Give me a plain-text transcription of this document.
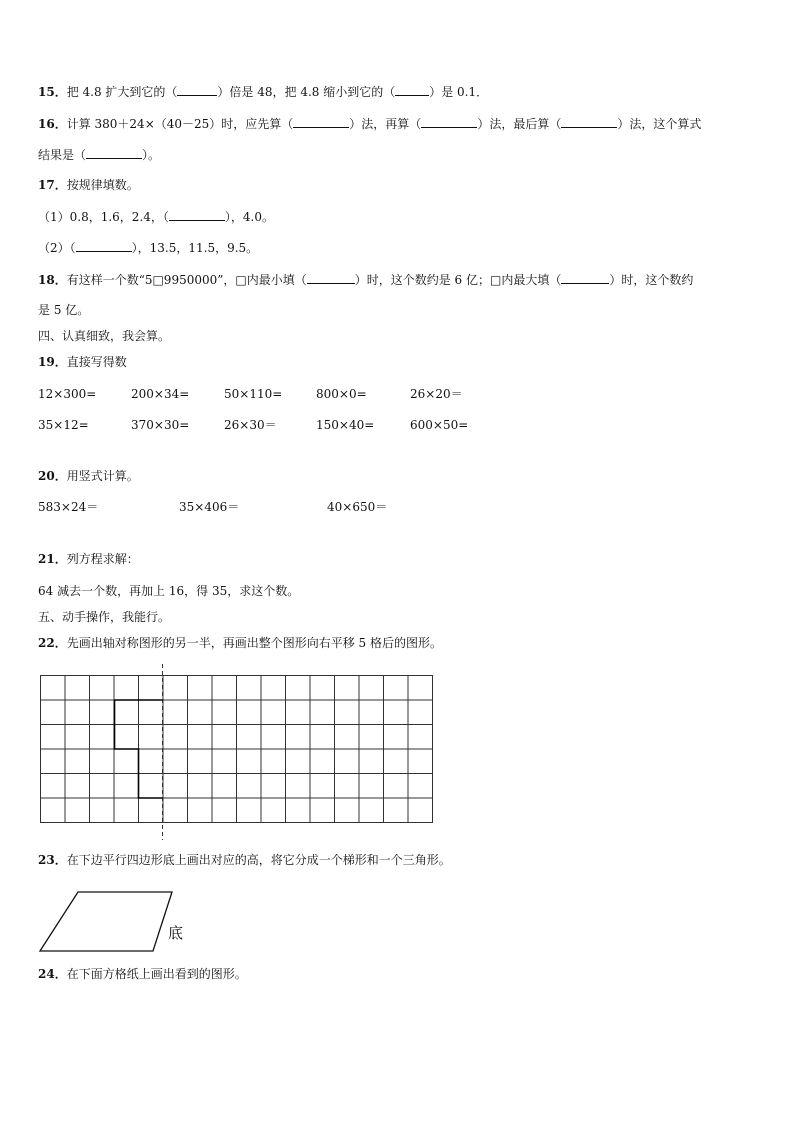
15．把 4.8 扩大到它的（	）倍是 48，把 4.8 缩小到它的（	）是 0.1．
16．计算 380＋24×（40－25）时，应先算（	）法，再算（	）法，最后算（	）法，这个算式
结果是（	）。
17．按规律填数。
（1）0.8，1.6，2.4，（	），4.0。
（2）（	），13.5，11.5，9.5。
18．有这样一个数“5□9950000”，□内最小填（	）时，这个数约是 6 亿；□内最大填（	）时，这个数约
是 5 亿。
四、认真细致，我会算。
19．直接写得数
12×300=	200×34=	50×110=	800×0=	26×20＝
35×12=	370×30=	26×30＝	150×40=	600×50=
20．用竖式计算。
583×24＝	35×406＝	40×650＝
21．列方程求解：
64 减去一个数，再加上 16，得 35，求这个数。
五、动手操作，我能行。
22．先画出轴对称图形的另一半，再画出整个图形向右平移 5 格后的图形。
23．在下边平行四边形底上画出对应的高，将它分成一个梯形和一个三角形。
底
24．在下面方格纸上画出看到的图形。
